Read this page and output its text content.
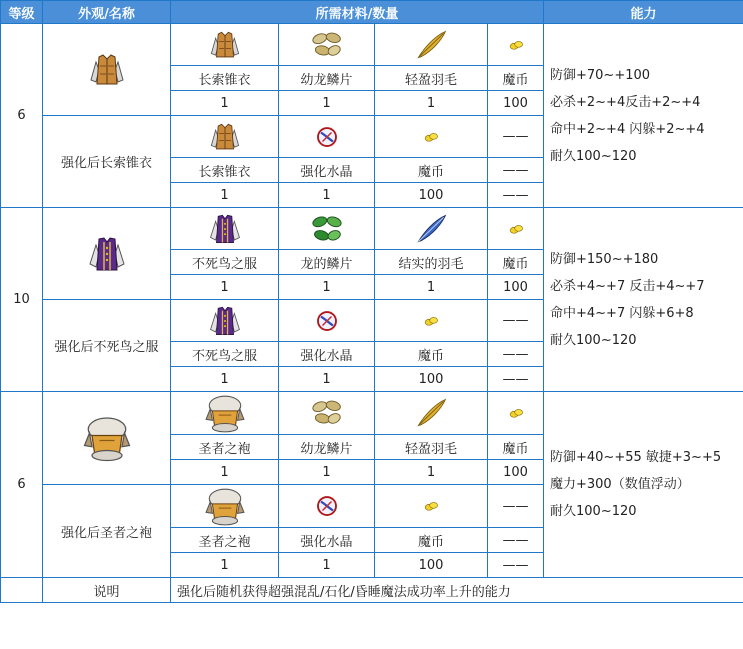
等级	外观/名称	所需材料/数量				能力
6						防御+70~+100
必杀+2~+4反击+2~+4
命中+2~+4 闪躲+2~+4
耐久100~120

		长索锥衣	幼龙鳞片	轻盈羽毛	魔币	
		1	1	1	100	
	强化后长索锥衣				——	
		长索锥衣	强化水晶	魔币	——	
		1	1	100	——	
10						防御+150~+180
必杀+4~+7 反击+4~+7
命中+4~+7 闪躲+6+8
耐久100~120

		不死鸟之服	龙的鳞片	结实的羽毛	魔币	
		1	1	1	100	
	强化后不死鸟之服				——	
		不死鸟之服	强化水晶	魔币	——	
		1	1	100	——	
6						防御+40~+55 敏捷+3~+5
魔力+300（数值浮动）
耐久100~120

		圣者之袍	幼龙鳞片	轻盈羽毛	魔币	
		1	1	1	100	
	强化后圣者之袍				——	
		圣者之袍	强化水晶	魔币	——	
		1	1	100	——	
	说明	强化后随机获得超强混乱/石化/昏睡魔法成功率上升的能力				
